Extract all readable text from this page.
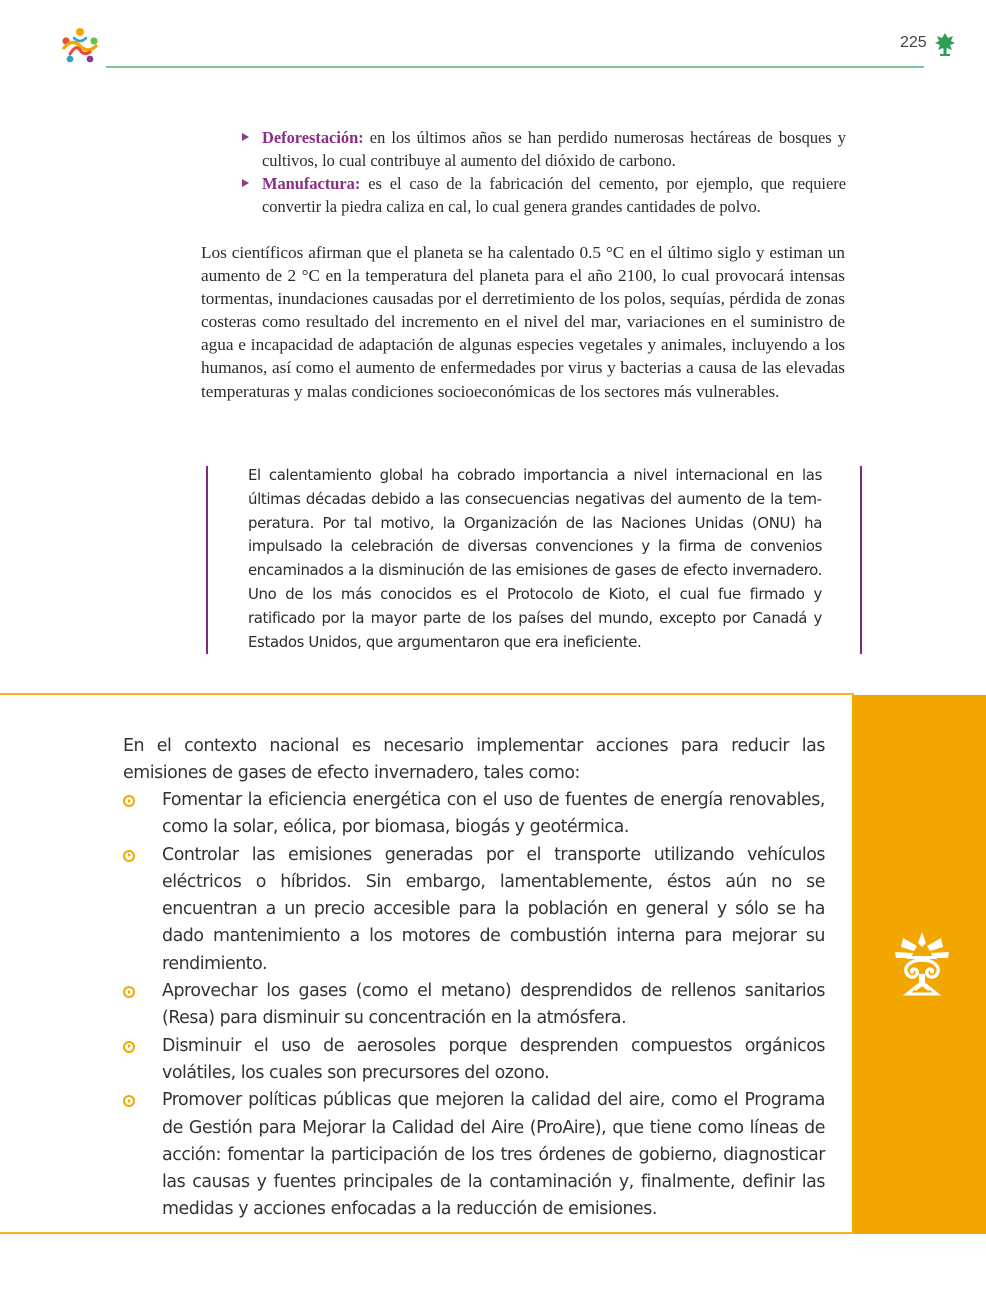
225
Deforestación: en los últimos años se han perdido numerosas hectáreas de bosques y cultivos, lo cual contribuye al aumento del dióxido de carbono.
Manufactura: es el caso de la fabricación del cemento, por ejemplo, que requiere convertir la piedra caliza en cal, lo cual genera grandes cantidades de polvo.

Los científicos afirman que el planeta se ha calentado 0.5 °C en el último siglo y estiman un aumento de 2 °C en la temperatura del planeta para el año 2100, lo cual provocará intensas tormentas, inundaciones causadas por el derretimiento de los polos, sequías, pérdida de zonas costeras como resultado del incremento en el nivel del mar, variaciones en el suministro de agua e incapacidad de adaptación de algunas especies vegetales y animales, incluyendo a los humanos, así como el aumento de enfermedades por virus y bacterias a causa de las elevadas temperaturas y malas condiciones socioeconómicas de los sectores más vulnerables.

El calentamiento global ha cobrado importancia a nivel internacional en las últimas décadas debido a las consecuencias negativas del aumento de la temperatura. Por tal motivo, la Organización de las Naciones Unidas (ONU) ha impulsado la celebración de diversas convenciones y la firma de convenios encaminados a la disminución de las emisiones de gases de efecto invernadero. Uno de los más conocidos es el Protocolo de Kioto, el cual fue firmado y ratificado por la mayor parte de los países del mundo, excepto por Canadá y Estados Unidos, que argumentaron que era ineficiente.

En el contexto nacional es necesario implementar acciones para reducir las emisiones de gases de efecto invernadero, tales como:

Fomentar la eficiencia energética con el uso de fuentes de energía renovables, como la solar, eólica, por biomasa, biogás y geotérmica.
Controlar las emisiones generadas por el transporte utilizando vehículos eléctricos o híbridos. Sin embargo, lamentablemente, éstos aún no se encuentran a un precio accesible para la población en general y sólo se ha dado mantenimiento a los motores de combustión interna para mejorar su rendimiento.
Aprovechar los gases (como el metano) desprendidos de rellenos sanitarios (Resa) para disminuir su concentración en la atmósfera.
Disminuir el uso de aerosoles porque desprenden compuestos orgánicos volátiles, los cuales son precursores del ozono.
Promover políticas públicas que mejoren la calidad del aire, como el Programa de Gestión para Mejorar la Calidad del Aire (ProAire), que tiene como líneas de acción: fomentar la participación de los tres órdenes de gobierno, diagnosticar las causas y fuentes principales de la contaminación y, finalmente, definir las medidas y acciones enfocadas a la reducción de emisiones.
